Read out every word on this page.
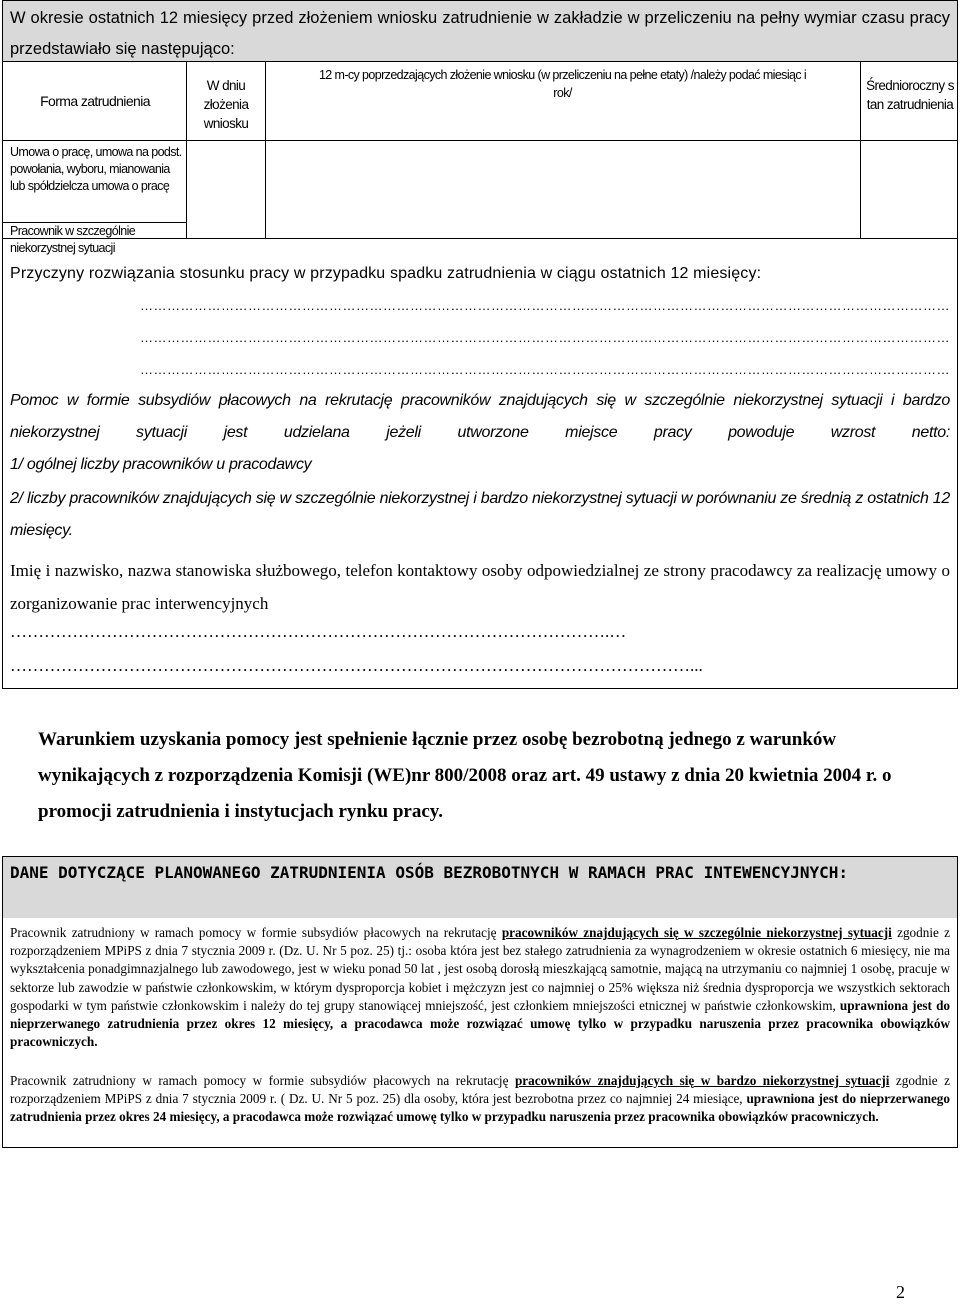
W okresie ostatnich 12 miesięcy przed złożeniem wniosku zatrudnienie w zakładzie w przeliczeniu na pełny wymiar czasu pracy przedstawiało się następująco:
Forma zatrudnienia
W dniu złożenia wniosku
12 m-cy poprzedzających złożenie wniosku (w przeliczeniu na pełne etaty) /należy podać miesiąc i rok/	Średnioroczny stan zatrudnienia
Umowa o pracę, umowa na podst. powołania, wyboru, mianowania lub spółdzielcza umowa o pracę
Pracownik w szczególnie niekorzystnej sytuacji
Przyczyny rozwiązania stosunku pracy w przypadku spadku zatrudnienia w ciągu ostatnich 12 miesięcy:
………………………………………………………………………………………………………………………………………………………………
………………………………………………………………………………………………………………………………………………………………
………………………………………………………………………………………………………………………………………………………………
Pomoc w formie subsydiów płacowych na rekrutację pracowników znajdujących się w szczególnie niekorzystnej sytuacji i bardzo niekorzystnej sytuacji jest udzielana jeżeli utworzone miejsce pracy powoduje wzrost netto:
1/ ogólnej liczby pracowników u pracodawcy
2/ liczby pracowników znajdujących się w szczególnie niekorzystnej i bardzo niekorzystnej sytuacji w porównaniu ze średnią z ostatnich 12 miesięcy.
Imię i nazwisko, nazwa stanowiska służbowego, telefon kontaktowy osoby odpowiedzialnej ze strony pracodawcy za realizację umowy o zorganizowanie prac interwencyjnych
…………………………………………………………………………………………….…
…………………………………………………………………………………………………………...
Warunkiem uzyskania pomocy jest spełnienie łącznie przez osobę bezrobotną jednego z warunków wynikających z rozporządzenia Komisji (WE)nr 800/2008 oraz art. 49 ustawy z dnia 20 kwietnia 2004 r. o promocji zatrudnienia i instytucjach rynku pracy.
DANE DOTYCZĄCE PLANOWANEGO ZATRUDNIENIA OSÓB BEZROBOTNYCH W RAMACH PRAC INTEWENCYJNYCH:
Pracownik zatrudniony w ramach pomocy w formie subsydiów płacowych na rekrutację pracowników znajdujących się w szczególnie niekorzystnej sytuacji zgodnie z rozporządzeniem MPiPS z dnia 7 stycznia 2009 r. (Dz. U. Nr 5 poz. 25) tj.: osoba która jest bez stałego zatrudnienia za wynagrodzeniem w okresie ostatnich 6 miesięcy, nie ma wykształcenia ponadgimnazjalnego lub zawodowego, jest w wieku ponad 50 lat , jest osobą dorosłą mieszkającą samotnie, mającą na utrzymaniu co najmniej 1 osobę, pracuje w sektorze lub zawodzie w państwie członkowskim, w którym dysproporcja kobiet i mężczyzn jest co najmniej o 25% większa niż średnia dysproporcja we wszystkich sektorach gospodarki w tym państwie członkowskim i należy do tej grupy stanowiącej mniejszość, jest członkiem mniejszości etnicznej w państwie członkowskim, uprawniona jest do nieprzerwanego zatrudnienia przez okres 12 miesięcy, a pracodawca może rozwiązać umowę tylko w przypadku naruszenia przez pracownika obowiązków pracowniczych.
Pracownik zatrudniony w ramach pomocy w formie subsydiów płacowych na rekrutację pracowników znajdujących się w bardzo niekorzystnej sytuacji zgodnie z rozporządzeniem MPiPS z dnia 7 stycznia 2009 r. ( Dz. U. Nr 5 poz. 25) dla osoby, która jest bezrobotna przez co najmniej 24 miesiące, uprawniona jest do nieprzerwanego zatrudnienia przez okres 24 miesięcy, a pracodawca może rozwiązać umowę tylko w przypadku naruszenia przez pracownika obowiązków pracowniczych.
2
